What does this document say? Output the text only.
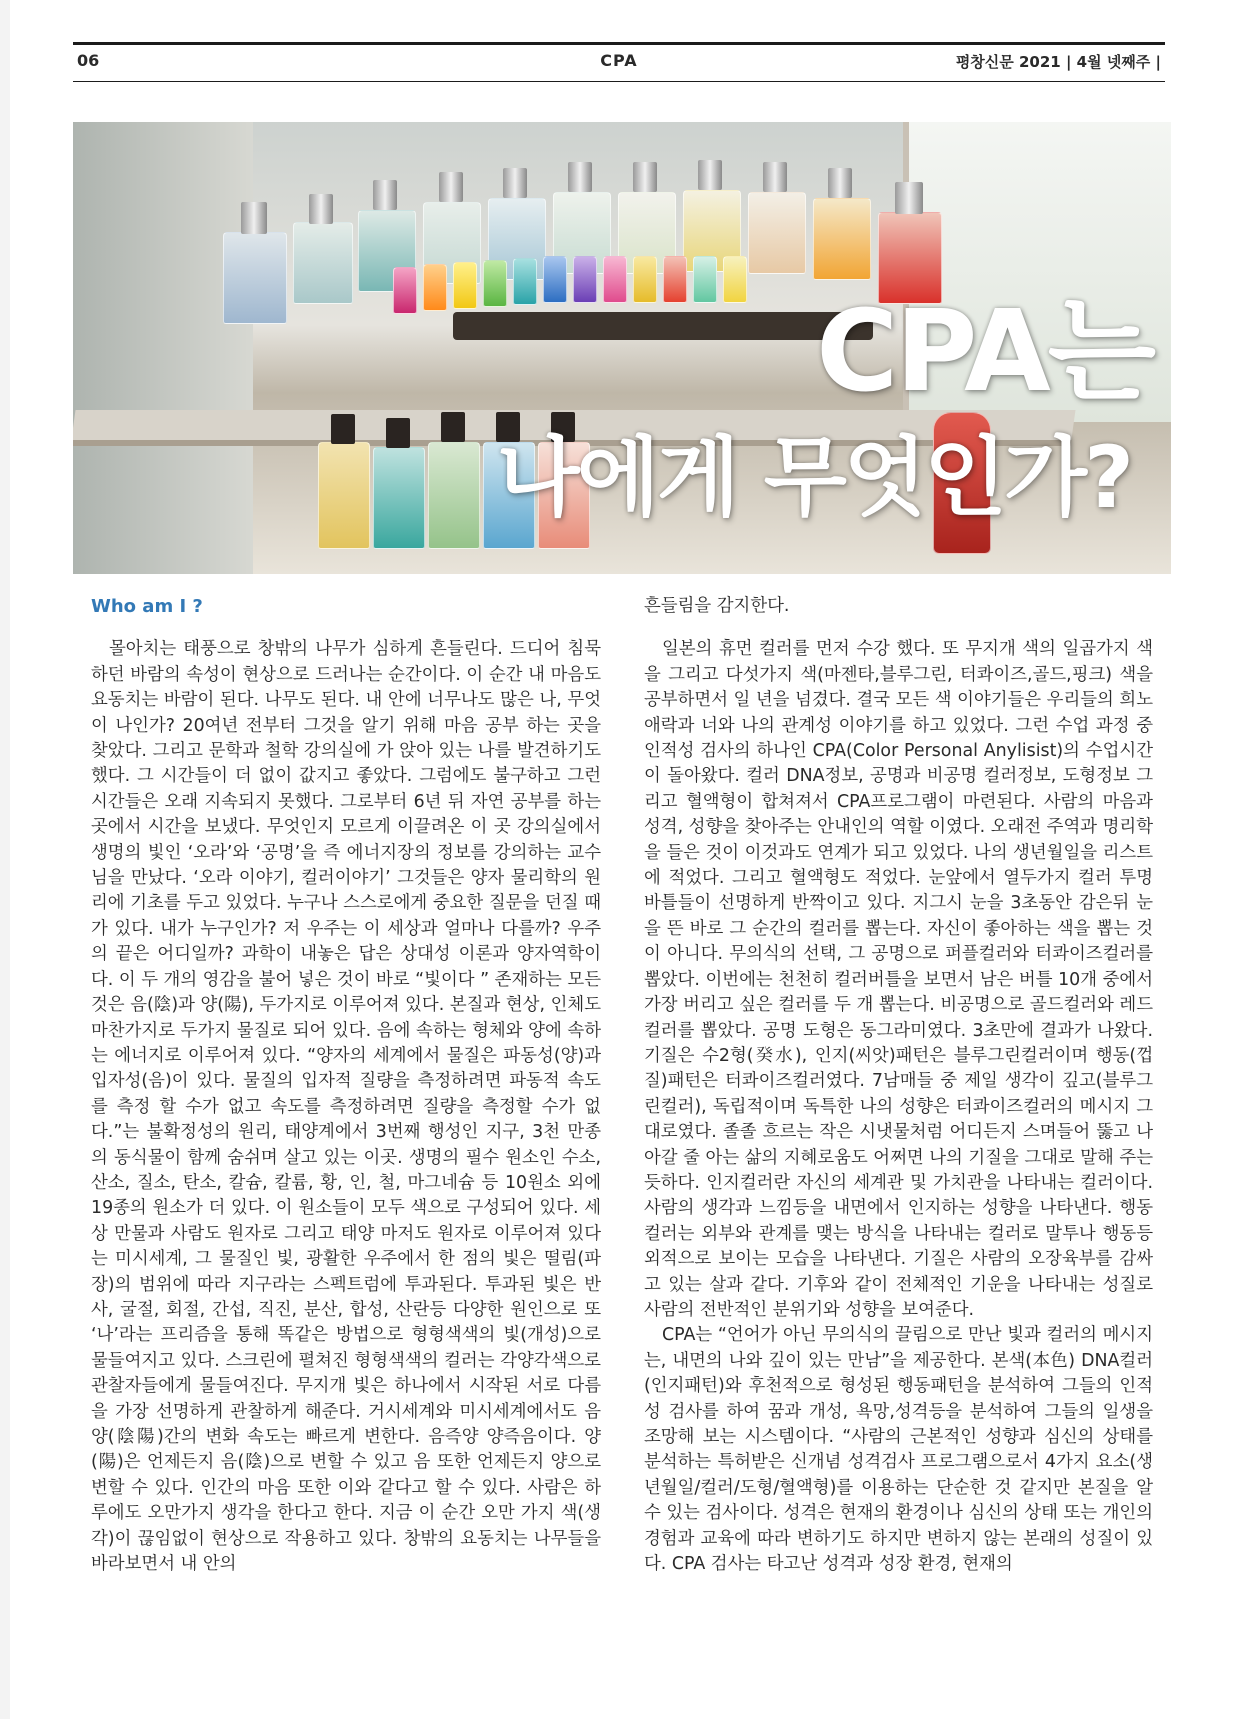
06	CPA	평창신문 2021 | 4월 넷째주 |
CPA는
나에게 무엇인가?
Who am I ?

몰아치는 태풍으로 창밖의 나무가 심하게 흔들린다. 드디어 침묵하던 바람의 속성이 현상으로 드러나는 순간이다. 이 순간 내 마음도 요동치는 바람이 된다. 나무도 된다. 내 안에 너무나도 많은 나, 무엇이 나인가? 20여년 전부터 그것을 알기 위해 마음 공부 하는 곳을 찾았다. 그리고 문학과 철학 강의실에 가 앉아 있는 나를 발견하기도 했다. 그 시간들이 더 없이 값지고 좋았다. 그럼에도 불구하고 그런 시간들은 오래 지속되지 못했다. 그로부터 6년 뒤 자연 공부를 하는 곳에서 시간을 보냈다. 무엇인지 모르게 이끌려온 이 곳 강의실에서 생명의 빛인 ‘오라’와 ‘공명’을 즉 에너지장의 정보를 강의하는 교수님을 만났다. ‘오라 이야기, 컬러이야기’ 그것들은 양자 물리학의 원리에 기초를 두고 있었다. 누구나 스스로에게 중요한 질문을 던질 때가 있다. 내가 누구인가? 저 우주는 이 세상과 얼마나 다를까? 우주의 끝은 어디일까? 과학이 내놓은 답은 상대성 이론과 양자역학이다. 이 두 개의 영감을 불어 넣은 것이 바로 “빛이다 ” 존재하는 모든 것은 음(陰)과 양(陽), 두가지로 이루어져 있다. 본질과 현상, 인체도 마찬가지로 두가지 물질로 되어 있다. 음에 속하는 형체와 양에 속하는 에너지로 이루어져 있다. “양자의 세계에서 물질은 파동성(양)과 입자성(음)이 있다. 물질의 입자적 질량을 측정하려면 파동적 속도를 측정 할 수가 없고 속도를 측정하려면 질량을 측정할 수가 없다.”는 불확정성의 원리, 태양계에서 3번째 행성인 지구, 3천 만종의 동식물이 함께 숨쉬며 살고 있는 이곳. 생명의 필수 원소인 수소, 산소, 질소, 탄소, 칼슘, 칼륨, 황, 인, 철, 마그네슘 등 10원소 외에 19종의 원소가 더 있다. 이 원소들이 모두 색으로 구성되어 있다. 세상 만물과 사람도 원자로 그리고 태양 마저도 원자로 이루어져 있다는 미시세계, 그 물질인 빛, 광활한 우주에서 한 점의 빛은 떨림(파장)의 범위에 따라 지구라는 스펙트럼에 투과된다. 투과된 빛은 반사, 굴절, 회절, 간섭, 직진, 분산, 합성, 산란등 다양한 원인으로 또 ‘나’라는 프리즘을 통해 똑같은 방법으로 형형색색의 빛(개성)으로 물들여지고 있다. 스크린에 펼쳐진 형형색색의 컬러는 각양각색으로 관찰자들에게 물들여진다. 무지개 빛은 하나에서 시작된 서로 다름을 가장 선명하게 관찰하게 해준다. 거시세계와 미시세계에서도 음양(陰陽)간의 변화 속도는 빠르게 변한다. 음즉양 양즉음이다. 양(陽)은 언제든지 음(陰)으로 변할 수 있고 음 또한 언제든지 양으로 변할 수 있다. 인간의 마음 또한 이와 같다고 할 수 있다. 사람은 하루에도 오만가지 생각을 한다고 한다. 지금 이 순간 오만 가지 색(생각)이 끊임없이 현상으로 작용하고 있다. 창밖의 요동치는 나무들을 바라보면서 내 안의

흔들림을 감지한다.

일본의 휴먼 컬러를 먼저 수강 했다. 또 무지개 색의 일곱가지 색을 그리고 다섯가지 색(마젠타,블루그린, 터콰이즈,골드,핑크) 색을 공부하면서 일 년을 넘겼다. 결국 모든 색 이야기들은 우리들의 희노애락과 너와 나의 관계성 이야기를 하고 있었다. 그런 수업 과정 중 인적성 검사의 하나인 CPA(Color Personal Anylisist)의 수업시간이 돌아왔다. 컬러 DNA정보, 공명과 비공명 컬러정보, 도형정보 그리고 혈액형이 합쳐져서 CPA프로그램이 마련된다. 사람의 마음과 성격, 성향을 찾아주는 안내인의 역할 이였다. 오래전 주역과 명리학을 들은 것이 이것과도 연계가 되고 있었다. 나의 생년월일을 리스트에 적었다. 그리고 혈액형도 적었다. 눈앞에서 열두가지 컬러 투명 바틀들이 선명하게 반짝이고 있다. 지그시 눈을 3초동안 감은뒤 눈을 뜬 바로 그 순간의 컬러를 뽑는다. 자신이 좋아하는 색을 뽑는 것이 아니다. 무의식의 선택, 그 공명으로 퍼플컬러와 터콰이즈컬러를 뽑았다. 이번에는 천천히 컬러버틀을 보면서 남은 버틀 10개 중에서 가장 버리고 싶은 컬러를 두 개 뽑는다. 비공명으로 골드컬러와 레드컬러를 뽑았다. 공명 도형은 동그라미였다. 3초만에 결과가 나왔다. 기질은 수2형(癸水), 인지(씨앗)패턴은 블루그린컬러이며 행동(껍질)패턴은 터콰이즈컬러였다. 7남매들 중 제일 생각이 깊고(블루그린컬러), 독립적이며 독특한 나의 성향은 터콰이즈컬러의 메시지 그대로였다. 졸졸 흐르는 작은 시냇물처럼 어디든지 스며들어 뚫고 나아갈 줄 아는 삶의 지혜로움도 어쩌면 나의 기질을 그대로 말해 주는 듯하다. 인지컬러란 자신의 세계관 및 가치관을 나타내는 컬러이다. 사람의 생각과 느낌등을 내면에서 인지하는 성향을 나타낸다. 행동컬러는 외부와 관계를 맺는 방식을 나타내는 컬러로 말투나 행동등 외적으로 보이는 모습을 나타낸다. 기질은 사람의 오장육부를 감싸고 있는 살과 같다. 기후와 같이 전체적인 기운을 나타내는 성질로 사람의 전반적인 분위기와 성향을 보여준다.

CPA는 “언어가 아닌 무의식의 끌림으로 만난 빛과 컬러의 메시지는, 내면의 나와 깊이 있는 만남”을 제공한다. 본색(本色) DNA컬러(인지패턴)와 후천적으로 형성된 행동패턴을 분석하여 그들의 인적성 검사를 하여 꿈과 개성, 욕망,성격등을 분석하여 그들의 일생을 조망해 보는 시스템이다. “사람의 근본적인 성향과 심신의 상태를 분석하는 특허받은 신개념 성격검사 프로그램으로서 4가지 요소(생년월일/컬러/도형/혈액형)를 이용하는 단순한 것 같지만 본질을 알 수 있는 검사이다. 성격은 현재의 환경이나 심신의 상태 또는 개인의 경험과 교육에 따라 변하기도 하지만 변하지 않는 본래의 성질이 있다. CPA 검사는 타고난 성격과 성장 환경, 현재의
